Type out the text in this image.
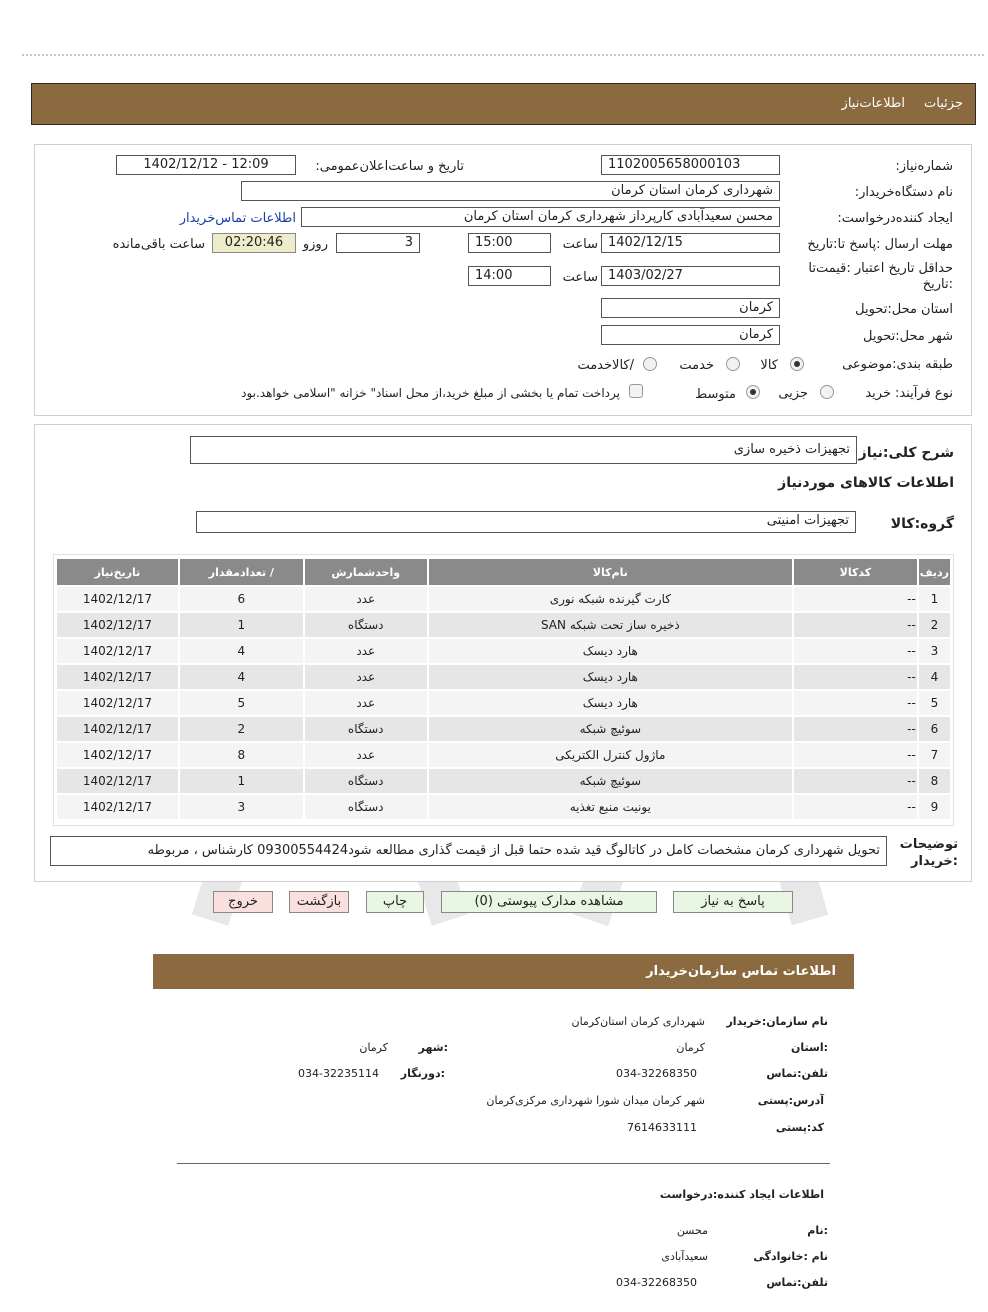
جزئیات
اطلاعات‌نیاز
شماره‌نیاز:
1102005658000103
تاریخ و ساعت‌اعلان‌عمومی:
1402/12/12 - 12:09
نام دستگاه‌خریدار:
شهرداری کرمان استان کرمان
ایجاد کننده‌درخواست:
محسن سعیدآبادی کارپرداز شهرداری کرمان استان کرمان
اطلاعات تماس‌خریدار
مهلت ارسال :پاسخ تا:تاریخ
1402/12/15
ساعت
15:00
3
روزو
02:20:46
ساعت باقی‌مانده
حداقل تاریخ اعتبار :قیمت‌تا :تاریخ
1403/02/27
ساعت
14:00
استان محل:تحویل
کرمان
شهر محل:تحویل
کرمان
طبقه بندی:موضوعی
کالا
خدمت
/کالاخدمت
نوع فرآیند:
خرید
جزیی
متوسط
پرداخت تمام یا بخشی از مبلغ خرید،از محل اسناد" خزانه "اسلامی خواهد.بود
شرح کلی:نیاز
تجهیزات ذخیره سازی
اطلاعات کالاهای موردنیاز
گروه:کالا
تجهیزات امنیتی
ردیف	کدکالا	نام‌کالا	واحدشمارش	/ تعدادمقدار	تاریخ‌نیاز
1	--	کارت گیرنده شبکه نوری	عدد	6	1402/12/17
2	--	ذخیره ساز تحت شبکه SAN	دستگاه	1	1402/12/17
3	--	هارد دیسک	عدد	4	1402/12/17
4	--	هارد دیسک	عدد	4	1402/12/17
5	--	هارد دیسک	عدد	5	1402/12/17
6	--	سوئیچ شبکه	دستگاه	2	1402/12/17
7	--	ماژول کنترل الکتریکی	عدد	8	1402/12/17
8	--	سوئیچ شبکه	دستگاه	1	1402/12/17
9	--	یونیت منبع تغذیه	دستگاه	3	1402/12/17
توضیحات :خریدار
تحویل شهرداری کرمان مشخصات کامل در کاتالوگ قید شده حتما قبل از قیمت گذاری مطالعه شود09300554424 کارشناس ، مربوطه
پاسخ به نیاز
مشاهده مدارک پیوستی (0)
چاپ
بازگشت
خروج
اطلاعات تماس سازمان‌خریدار
نام سازمان:خریدار
شهرداری کرمان استان‌کرمان
:استان
کرمان
:شهر
کرمان
تلفن:تماس
034-32268350
:دورنگار
034-32235114
آدرس:پستی
شهر کرمان میدان شورا شهرداری مرکزی‌کرمان
کد:پستی
7614633111
اطلاعات ایجاد کننده:درخواست
:نام
محسن
نام :خانوادگی
سعیدآبادی
تلفن:تماس
034-32268350
